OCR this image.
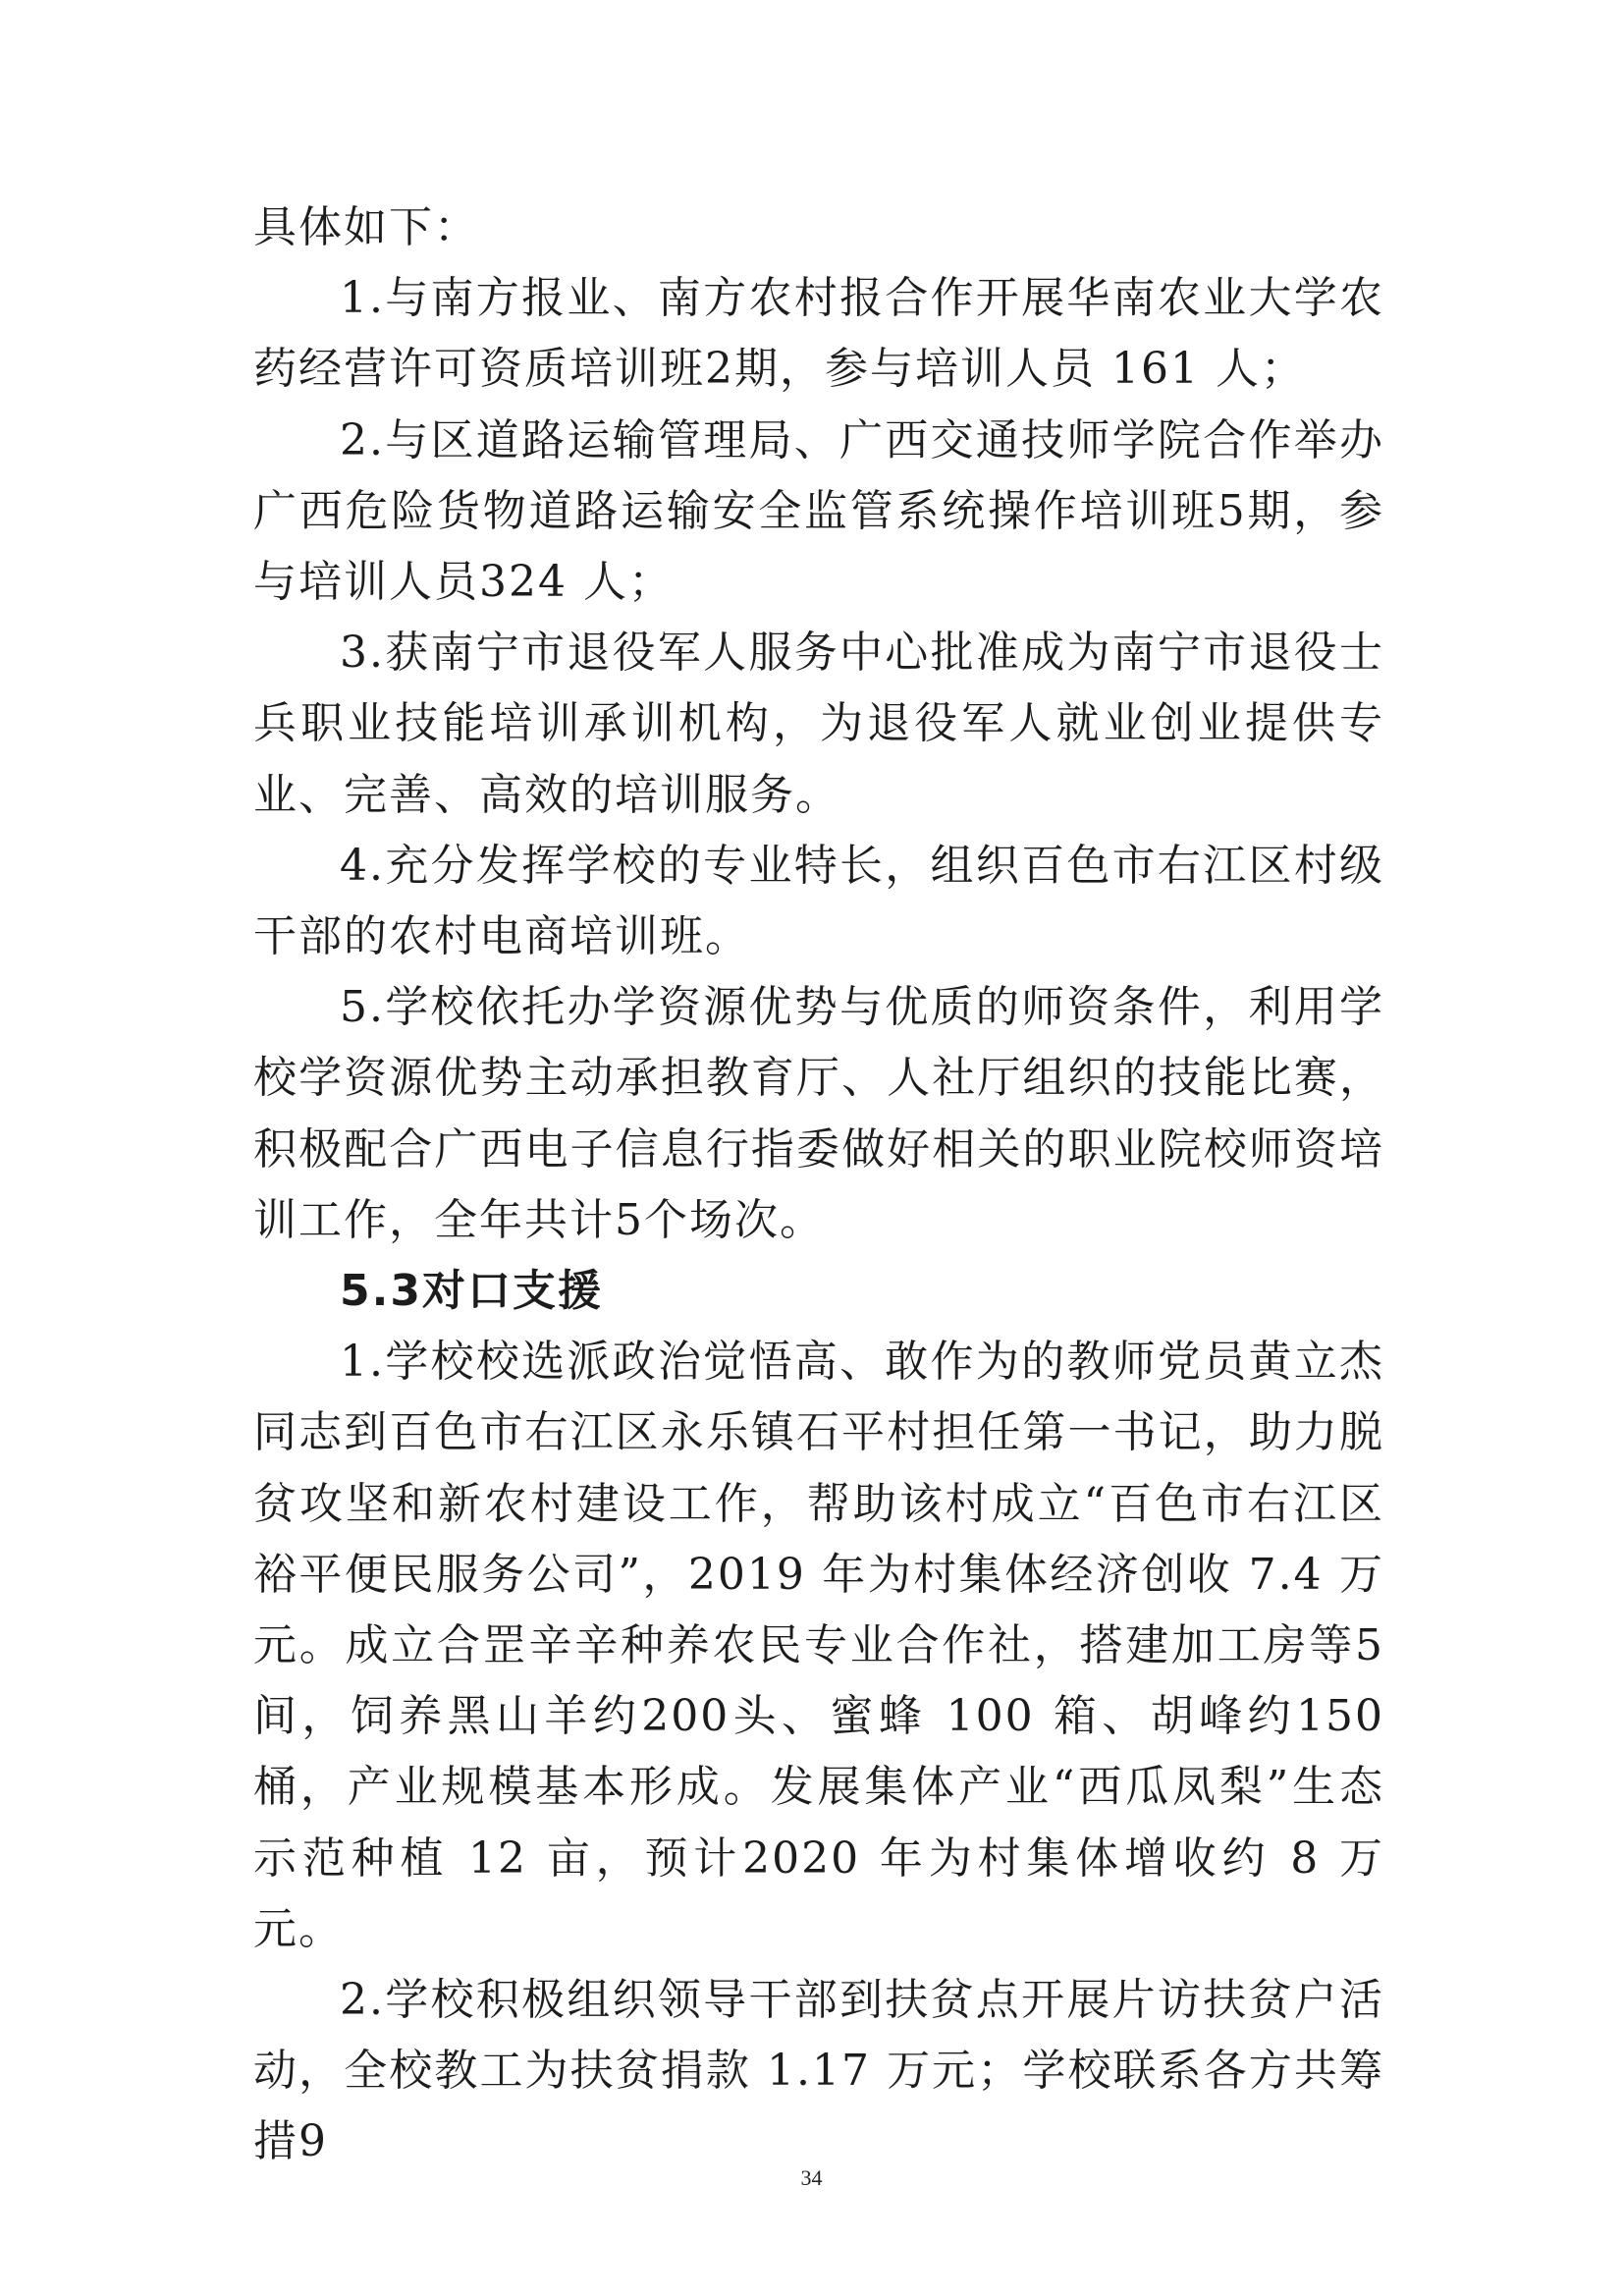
具体如下：

1.与南方报业、南方农村报合作开展华南农业大学农药经营许可资质培训班2期，参与培训人员 161 人；

2.与区道路运输管理局、广西交通技师学院合作举办广西危险货物道路运输安全监管系统操作培训班5期，参与培训人员324 人；

3.获南宁市退役军人服务中心批准成为南宁市退役士兵职业技能培训承训机构，为退役军人就业创业提供专业、完善、高效的培训服务。

4.充分发挥学校的专业特长，组织百色市右江区村级干部的农村电商培训班。

5.学校依托办学资源优势与优质的师资条件，利用学校学资源优势主动承担教育厅、人社厅组织的技能比赛，积极配合广西电子信息行指委做好相关的职业院校师资培训工作，全年共计5个场次。

5.3对口支援

1.学校校选派政治觉悟高、敢作为的教师党员黄立杰同志到百色市右江区永乐镇石平村担任第一书记，助力脱贫攻坚和新农村建设工作，帮助该村成立“百色市右江区裕平便民服务公司”，2019 年为村集体经济创收 7.4 万元。成立合罡辛辛种养农民专业合作社，搭建加工房等5间，饲养黑山羊约200头、蜜蜂 100 箱、胡峰约150 桶，产业规模基本形成。发展集体产业“西瓜凤梨”生态示范种植 12 亩，预计2020 年为村集体增收约 8 万元。

2.学校积极组织领导干部到扶贫点开展片访扶贫户活动，全校教工为扶贫捐款 1.17 万元；学校联系各方共筹措9

34
